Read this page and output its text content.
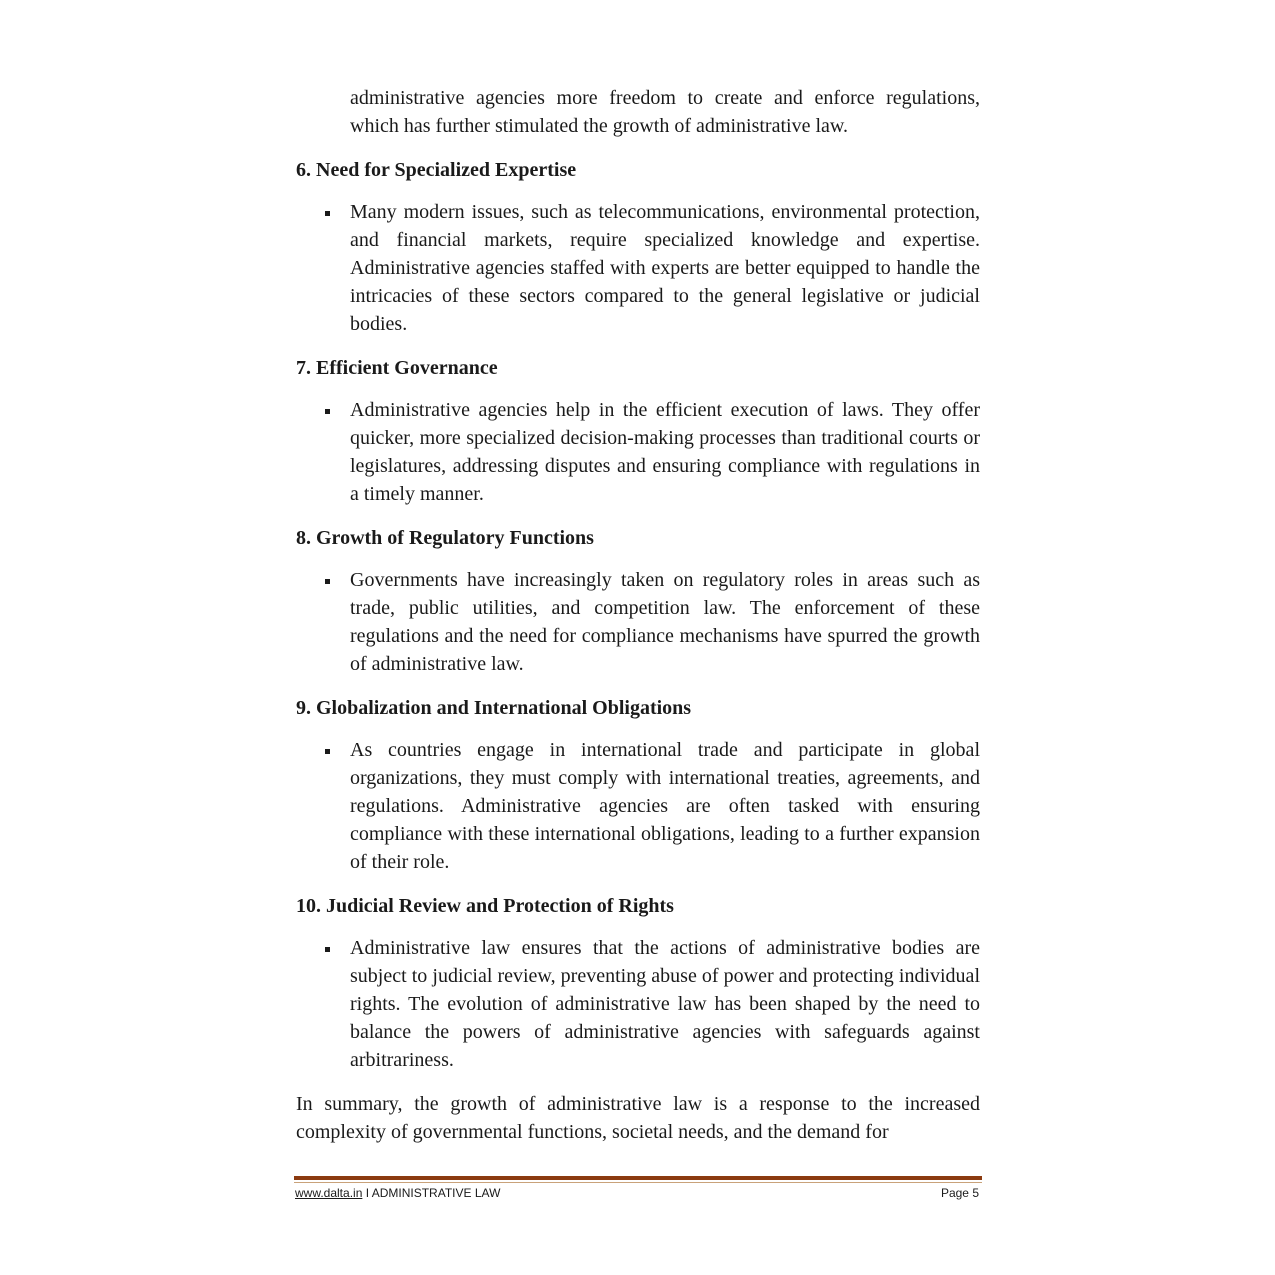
administrative agencies more freedom to create and enforce regulations, which has further stimulated the growth of administrative law.

6. Need for Specialized Expertise
Many modern issues, such as telecommunications, environmental protection, and financial markets, require specialized knowledge and expertise. Administrative agencies staffed with experts are better equipped to handle the intricacies of these sectors compared to the general legislative or judicial bodies.
7. Efficient Governance
Administrative agencies help in the efficient execution of laws. They offer quicker, more specialized decision-making processes than traditional courts or legislatures, addressing disputes and ensuring compliance with regulations in a timely manner.
8. Growth of Regulatory Functions
Governments have increasingly taken on regulatory roles in areas such as trade, public utilities, and competition law. The enforcement of these regulations and the need for compliance mechanisms have spurred the growth of administrative law.
9. Globalization and International Obligations
As countries engage in international trade and participate in global organizations, they must comply with international treaties, agreements, and regulations. Administrative agencies are often tasked with ensuring compliance with these international obligations, leading to a further expansion of their role.
10. Judicial Review and Protection of Rights
Administrative law ensures that the actions of administrative bodies are subject to judicial review, preventing abuse of power and protecting individual rights. The evolution of administrative law has been shaped by the need to balance the powers of administrative agencies with safeguards against arbitrariness.

In summary, the growth of administrative law is a response to the increased complexity of governmental functions, societal needs, and the demand for

www.dalta.in I ADMINISTRATIVE LAW	Page 5
